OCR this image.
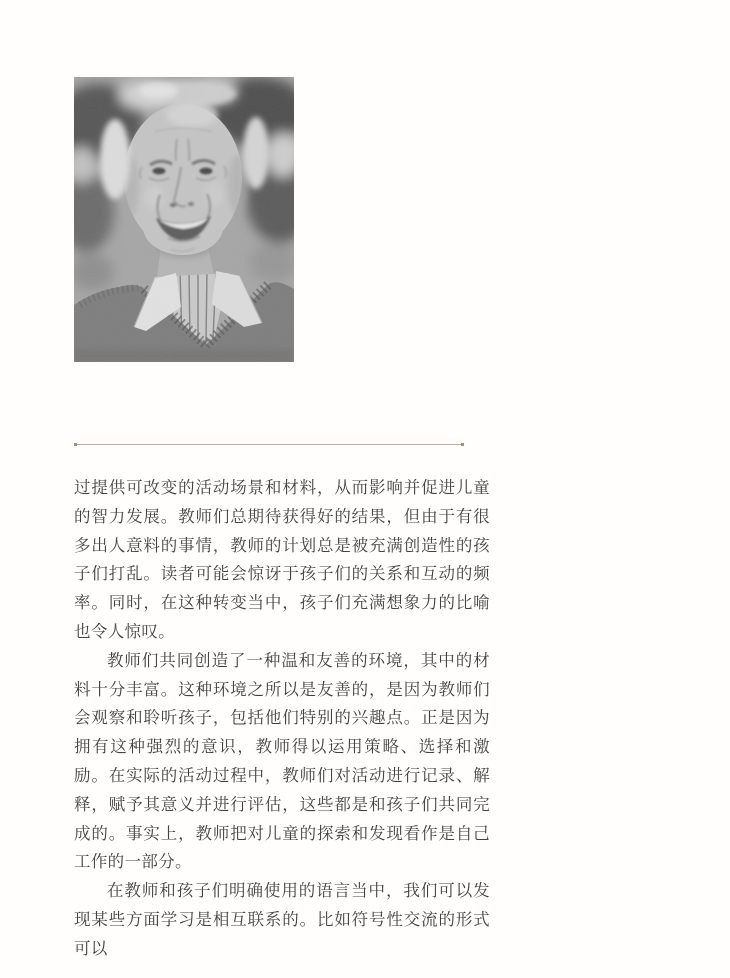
过提供可改变的活动场景和材料，从而影响并促进儿童的智力发展。教师们总期待获得好的结果，但由于有很多出人意料的事情，教师的计划总是被充满创造性的孩子们打乱。读者可能会惊讶于孩子们的关系和互动的频率。同时，在这种转变当中，孩子们充满想象力的比喻也令人惊叹。

教师们共同创造了一种温和友善的环境，其中的材料十分丰富。这种环境之所以是友善的，是因为教师们会观察和聆听孩子，包括他们特别的兴趣点。正是因为拥有这种强烈的意识，教师得以运用策略、选择和激励。在实际的活动过程中，教师们对活动进行记录、解释，赋予其意义并进行评估，这些都是和孩子们共同完成的。事实上，教师把对儿童的探索和发现看作是自己工作的一部分。

在教师和孩子们明确使用的语言当中，我们可以发现某些方面学习是相互联系的。比如符号性交流的形式可以
